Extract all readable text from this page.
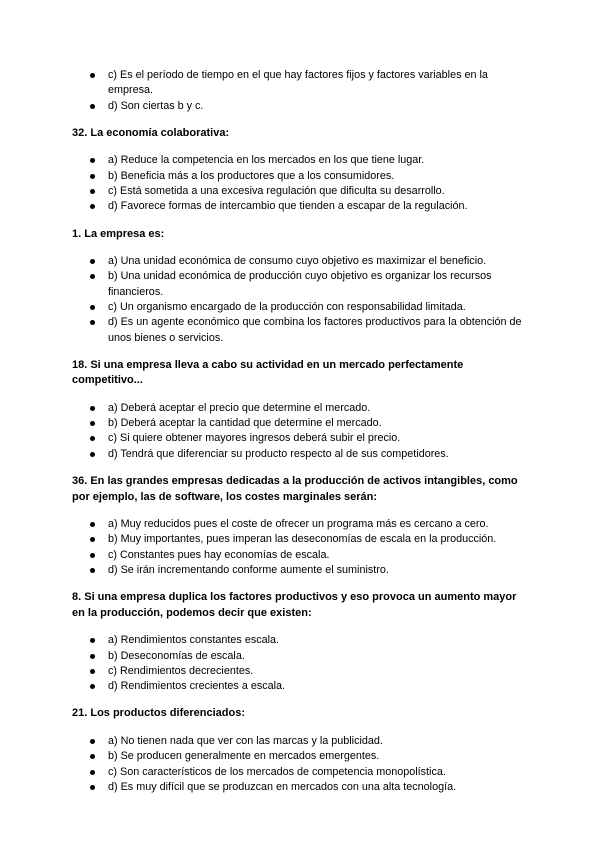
c) Es el período de tiempo en el que hay factores fijos y factores variables en la empresa.
d) Son ciertas b y c.

32. La economía colaborativa:

a) Reduce la competencia en los mercados en los que tiene lugar.
b) Beneficia más a los productores que a los consumidores.
c) Está sometida a una excesiva regulación que dificulta su desarrollo.
d) Favorece formas de intercambio que tienden a escapar de la regulación.

1. La empresa es:

a) Una unidad económica de consumo cuyo objetivo es maximizar el beneficio.
b) Una unidad económica de producción cuyo objetivo es organizar los recursos financieros.
c) Un organismo encargado de la producción con responsabilidad limitada.
d) Es un agente económico que combina los factores productivos para la obtención de unos bienes o servicios.

18. Si una empresa lleva a cabo su actividad en un mercado perfectamente competitivo...

a) Deberá aceptar el precio que determine el mercado.
b) Deberá aceptar la cantidad que determine el mercado.
c) Si quiere obtener mayores ingresos deberá subir el precio.
d) Tendrá que diferenciar su producto respecto al de sus competidores.

36. En las grandes empresas dedicadas a la producción de activos intangibles, como por ejemplo, las de software, los costes marginales serán:

a) Muy reducidos pues el coste de ofrecer un programa más es cercano a cero.
b) Muy importantes, pues imperan las deseconomías de escala en la producción.
c) Constantes pues hay economías de escala.
d) Se irán incrementando conforme aumente el suministro.

8. Si una empresa duplica los factores productivos y eso provoca un aumento mayor en la producción, podemos decir que existen:

a) Rendimientos constantes escala.
b) Deseconomías de escala.
c) Rendimientos decrecientes.
d) Rendimientos crecientes a escala.

21. Los productos diferenciados:

a) No tienen nada que ver con las marcas y la publicidad.
b) Se producen generalmente en mercados emergentes.
c) Son característicos de los mercados de competencia monopolística.
d) Es muy difícil que se produzcan en mercados con una alta tecnología.
